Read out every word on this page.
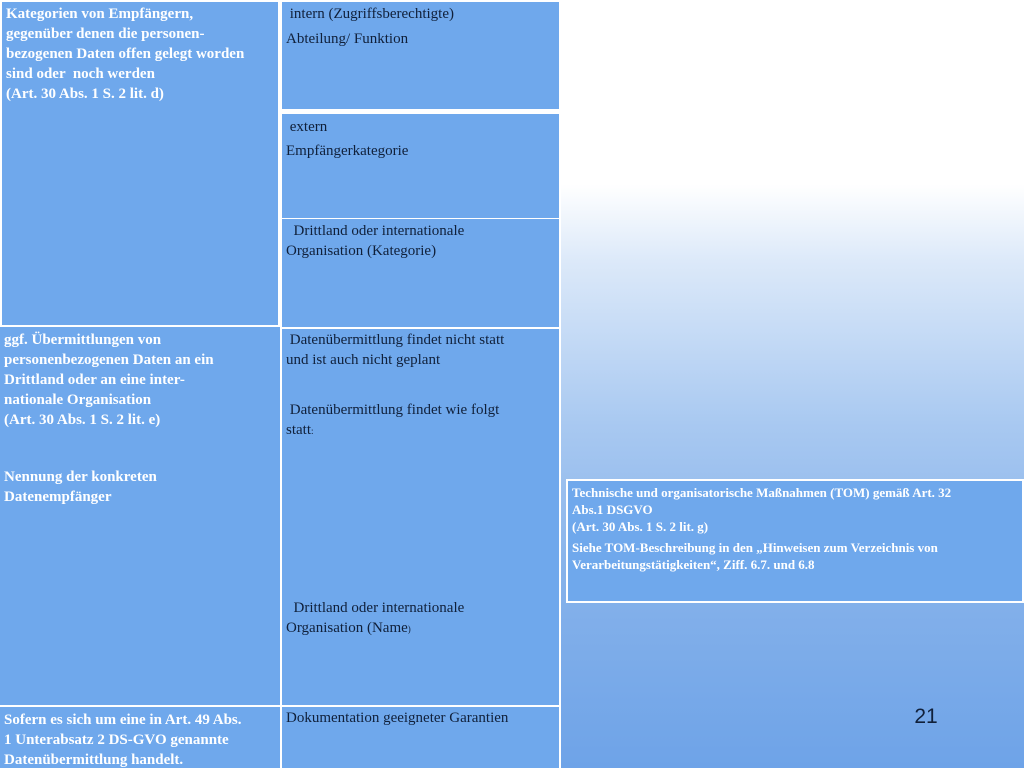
Kategorien von Empfängern,
gegenüber denen die personen-
bezogenen Daten offen gelegt worden
sind oder  noch werden
(Art. 30 Abs. 1 S. 2 lit. d)
ggf. Übermittlungen von
personenbezogenen Daten an ein
Drittland oder an eine inter-
nationale Organisation
(Art. 30 Abs. 1 S. 2 lit. e)
Nennung der konkreten
Datenempfänger
Sofern es sich um eine in Art. 49 Abs.
1 Unterabsatz 2 DS-GVO genannte
Datenübermittlung handelt.
intern (Zugriffsberechtigte)
Abteilung/ Funktion
extern
Empfängerkategorie
Drittland oder internationale
Organisation (Kategorie)
Datenübermittlung findet nicht statt
und ist auch nicht geplant
Datenübermittlung findet wie folgt
statt:
Drittland oder internationale
Organisation (Name)
Dokumentation geeigneter Garantien
Technische und organisatorische Maßnahmen (TOM) gemäß Art. 32
Abs.1 DSGVO
(Art. 30 Abs. 1 S. 2 lit. g)
Siehe TOM-Beschreibung in den „Hinweisen zum Verzeichnis von
Verarbeitungstätigkeiten“, Ziff. 6.7. und 6.8
21
